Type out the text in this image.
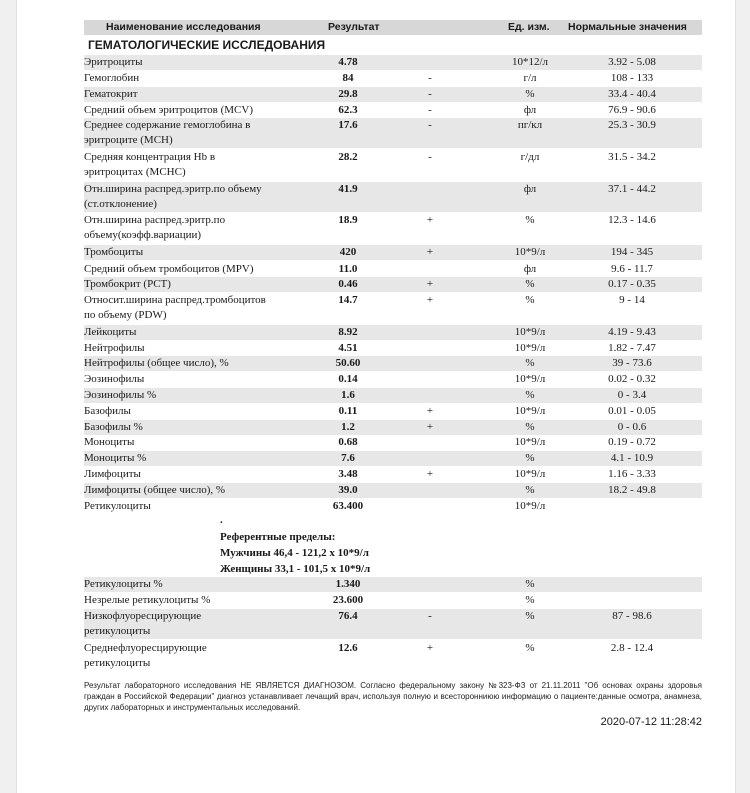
Наименование исследования	Результат	Ед. изм. Нормальные значения
ГЕМАТОЛОГИЧЕСКИЕ ИССЛЕДОВАНИЯ
Эритроциты	4.78	10*12/л	3.92 - 5.08
Гемоглобин	84	-	г/л	108 - 133
Гематокрит	29.8	-	%	33.4 - 40.4
Средний объем эритроцитов (MCV)	62.3	-	фл	76.9 - 90.6
Среднее содержание гемоглобина в
эритроците (MCH)
17.6	-	пг/кл	25.3 - 30.9
Средняя концентрация Hb в
эритроцитах (MCHC)
28.2	-	г/дл	31.5 - 34.2
Отн.ширина распред.эритр.по объему
(ст.отклонение)
41.9	фл	37.1 - 44.2
Отн.ширина распред.эритр.по
объему(коэфф.вариации)
18.9	+	%	12.3 - 14.6
Тромбоциты	420	+	10*9/л	194 - 345
Средний объем тромбоцитов (MPV)	11.0	фл	9.6 - 11.7
Тромбокрит (PCT)	0.46	+	%	0.17 - 0.35
Относит.ширина распред.тромбоцитов
по объему (PDW)
14.7	+	%	9 - 14
Лейкоциты	8.92	10*9/л	4.19 - 9.43
Нейтрофилы	4.51	10*9/л	1.82 - 7.47
Нейтрофилы (общее число), %	50.60	%	39 - 73.6
Эозинофилы	0.14	10*9/л	0.02 - 0.32
Эозинофилы %	1.6	%	0 - 3.4
Базофилы	0.11	+	10*9/л	0.01 - 0.05
Базофилы %	1.2	+	%	0 - 0.6
Моноциты	0.68	10*9/л	0.19 - 0.72
Моноциты %	7.6	%	4.1 - 10.9
Лимфоциты	3.48	+	10*9/л	1.16 - 3.33
Лимфоциты (общее число), %	39.0	%	18.2 - 49.8
Ретикулоциты	63.400	10*9/л
.
Референтные пределы:
Мужчины 46,4 - 121,2 х 10*9/л
Женщины 33,1 - 101,5 х 10*9/л
Ретикулоциты %	1.340	%
Незрелые ретикулоциты %	23.600	%
Низкофлуоресцирующие
ретикулоциты
76.4	-	%	87 - 98.6
Среднефлуоресцирующие
ретикулоциты
12.6	+	%	2.8 - 12.4
Результат лабораторного исследования НЕ ЯВЛЯЕТСЯ ДИАГНОЗОМ. Согласно федеральному закону №323-ФЗ от 21.11.2011 "Об основах охраны здоровья граждан в Российской Федерации" диагноз устанавливает лечащий врач, используя полную и всесторонниюю информацию о пациенте:данные осмотра, анамнеза, других лабораторных и инструментальных исследований.
2020-07-12 11:28:42
